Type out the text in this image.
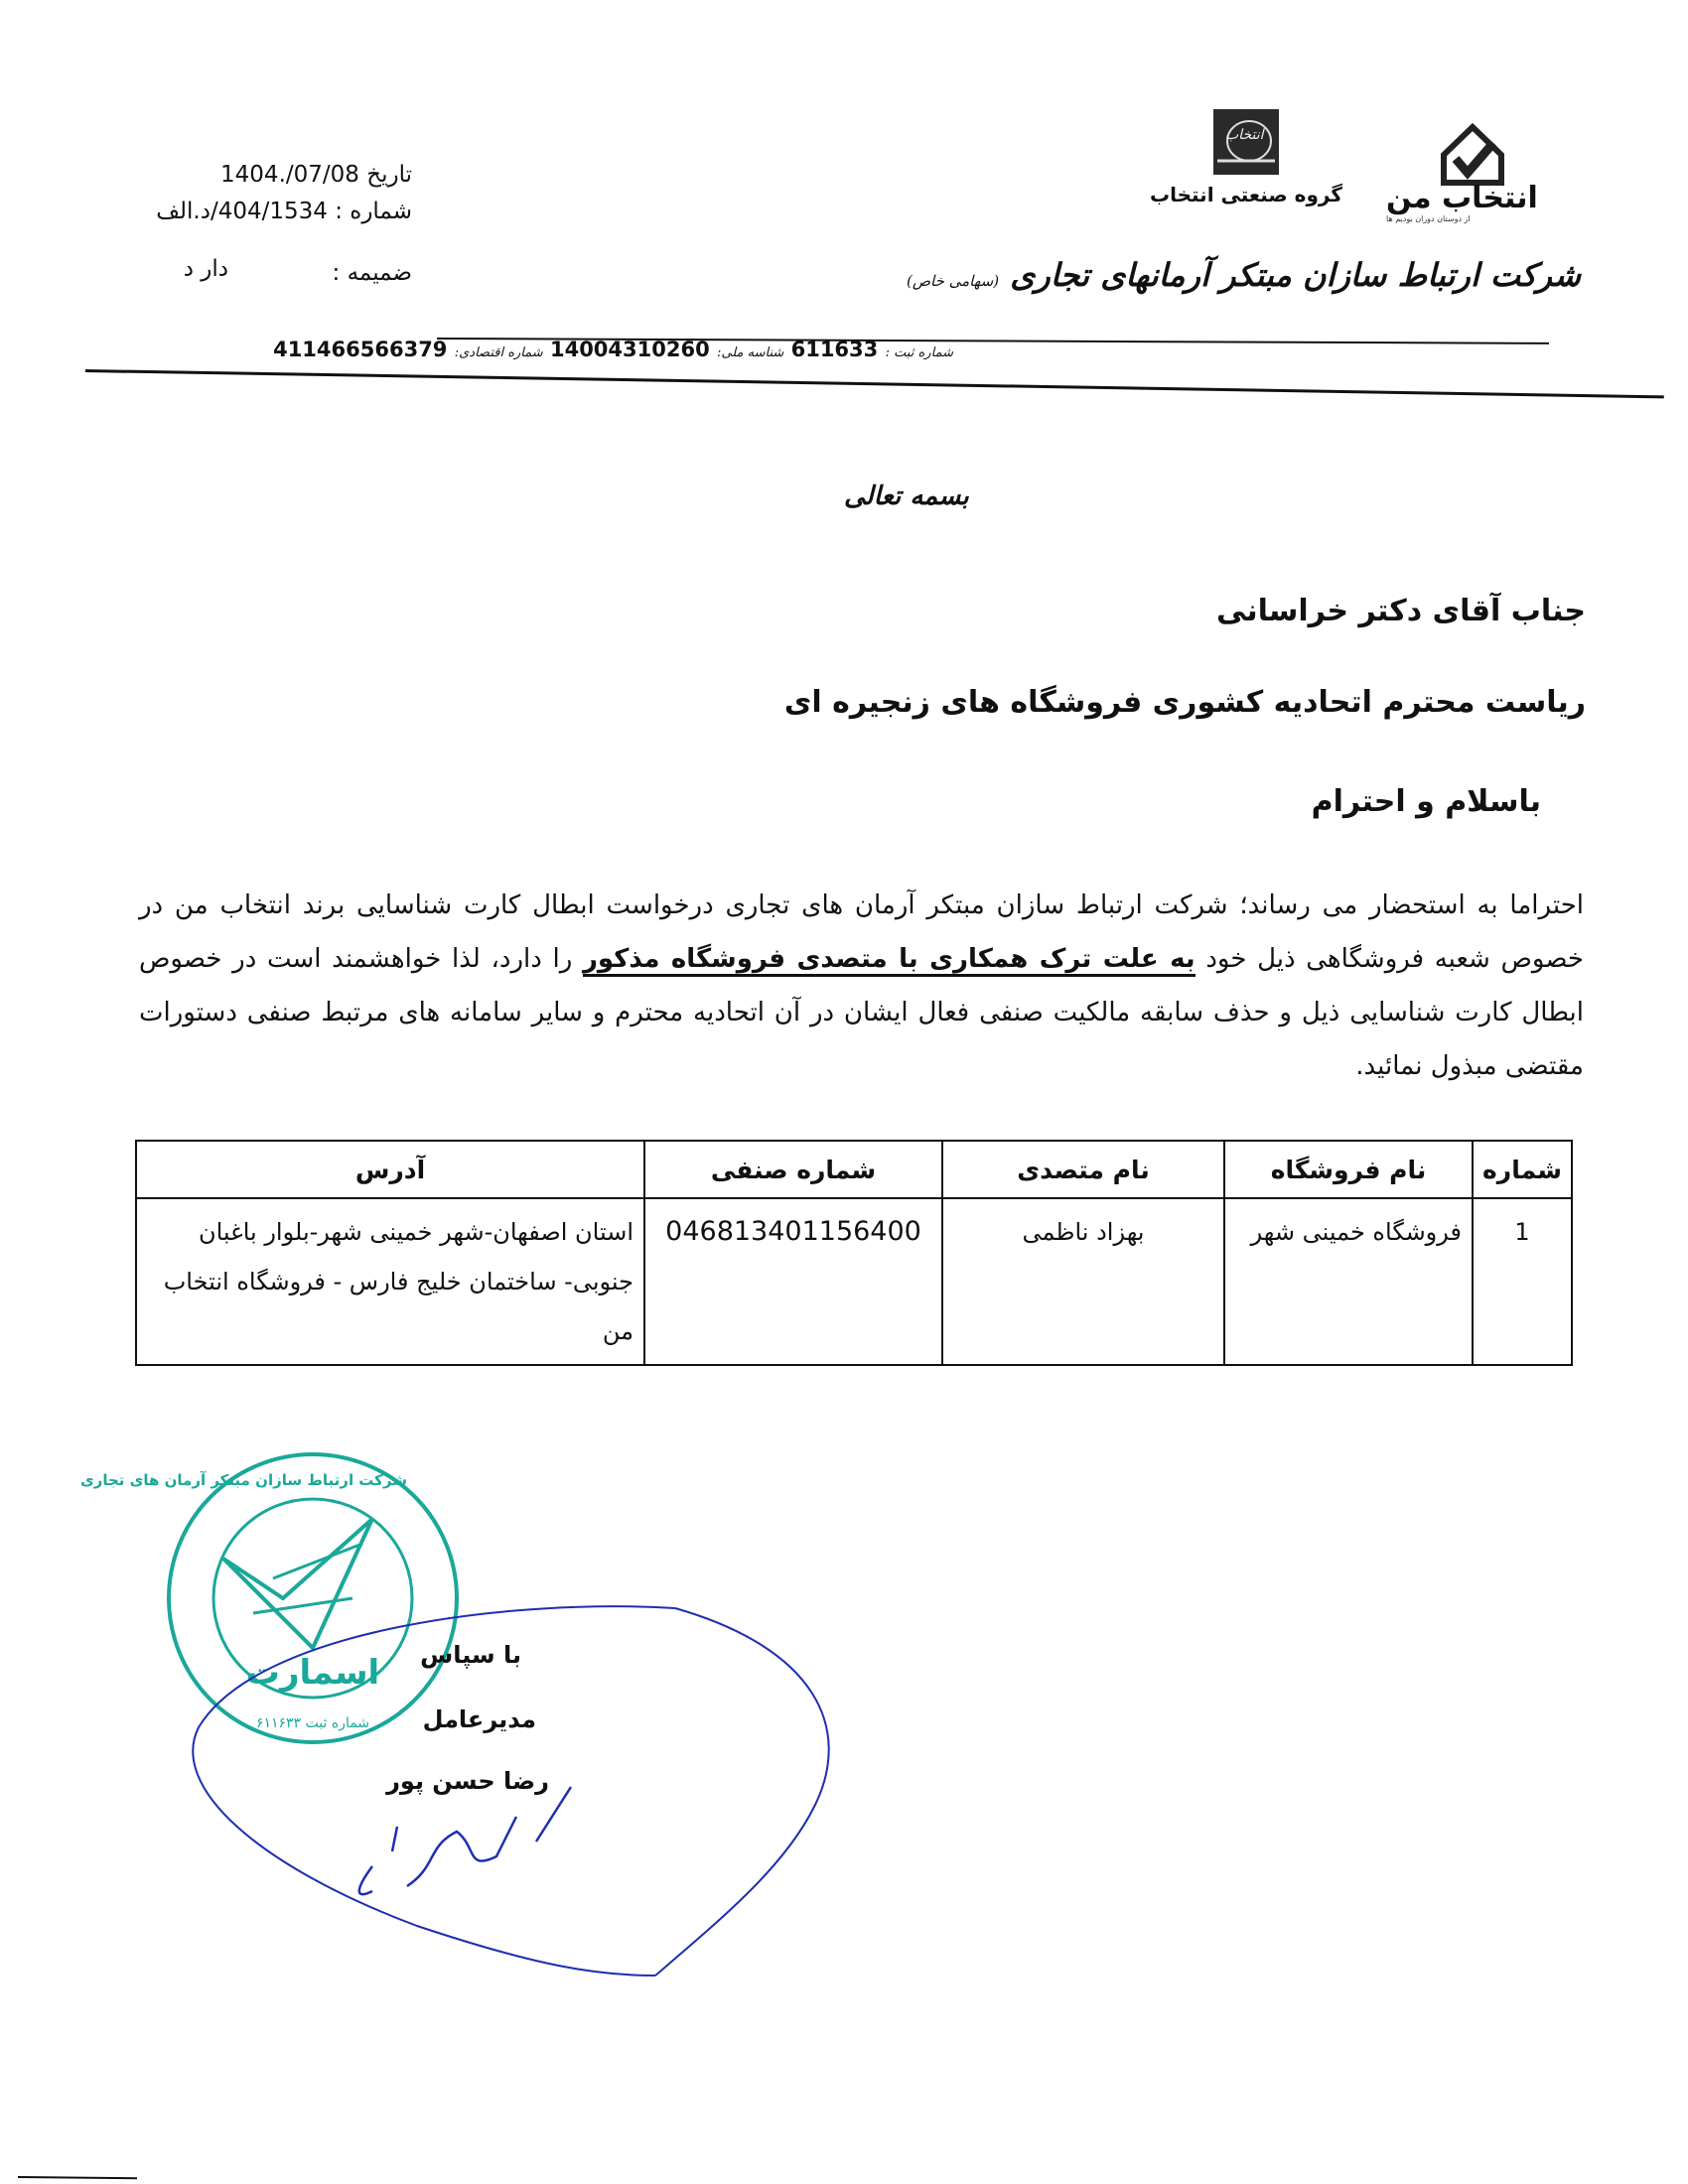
تاریخ 1404./07/08
شماره : 404/1534/د.الف
ضمیمه :
دار د
انتخاب
گروه صنعتی انتخاب انتخاب من
از دوستان دوران بودیم ها
شرکت ارتباط سازان مبتکر آرمانهای تجاری (سهامی خاص)
شماره ثبت : 611633 شناسه ملی: 14004310260 شماره اقتصادی: 411466566379
بسمه تعالی
جناب آقای دکتر خراسانی
ریاست محترم اتحادیه کشوری فروشگاه های زنجیره ای
باسلام و احترام
احتراما به استحضار می رساند؛ شرکت ارتباط سازان مبتکر آرمان های تجاری درخواست ابطال کارت شناسایی برند انتخاب من در خصوص شعبه فروشگاهی ذیل خود به علت ترک همکاری با متصدی فروشگاه مذکور را دارد، لذا خواهشمند است در خصوص ابطال کارت شناسایی ذیل و حذف سابقه مالکیت صنفی فعال ایشان در آن اتحادیه محترم و سایر سامانه های مرتبط صنفی دستورات مقتضی مبذول نمائید.
شماره	نام فروشگاه	نام متصدی	شماره صنفی	آدرس
1	فروشگاه خمینی شهر	بهزاد ناظمی	046813401156400	استان اصفهان-شهر خمینی شهر-بلوار باغبان جنوبی- ساختمان خلیج فارس - فروشگاه انتخاب من
شرکت ارتباط سازان مبتکر آرمان های تجاری
اسمارت
شماره ثبت ۶۱۱۶۳۳
با سپاس
مدیرعامل
رضا حسن پور
